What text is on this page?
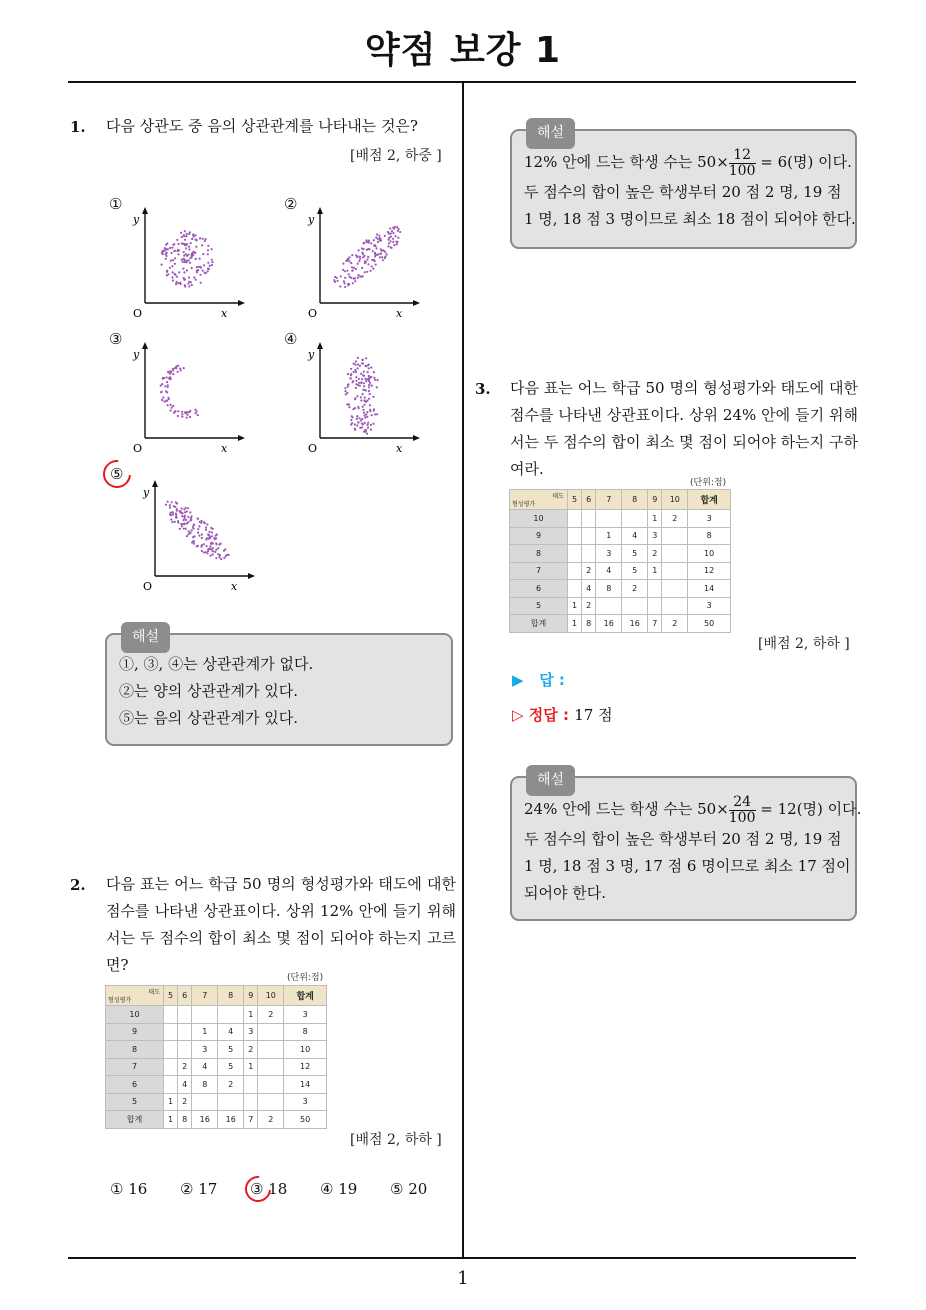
약점 보강 1
1
1. 다음 상관도 중 음의 상관관계를 나타내는 것은?
[배점 2, 하중 ]
①	②
③	④
⑤
y
x
O
y
x
O
y
x
O
y
x
O
y
x
O
해설

①, ③, ④는 상관관계가 없다.

②는 양의 상관관계가 있다.

⑤는 음의 상관관계가 있다.

2. 다음 표는 어느 학급 50 명의 형성평가와 태도에 대한 점수를 나타낸 상관표이다. 상위 12% 안에 들기 위해서는 두 점수의 합이 최소 몇 점이 되어야 하는지 고르면?
(단위:점)
태도
형성평가	5	6	7	8	9	10	합계
10					1	2	3
9			1	4	3		8
8			3	5	2		10
7		2	4	5	1		12
6		4	8	2			14
5	1	2					3
합계	1	8	16	16	7	2	50
[배점 2, 하하 ]
① 16 ② 17 ③ 18 ④ 19 ⑤ 20
해설

12% 안에 드는 학생 수는 $50\times \frac{12}{100} = 6$(명) 이다.

두 점수의 합이 높은 학생부터 20 점 2 명, 19 점

1 명, 18 점 3 명이므로 최소 18 점이 되어야 한다.

3. 다음 표는 어느 학급 50 명의 형성평가와 태도에 대한 점수를 나타낸 상관표이다. 상위 24% 안에 들기 위해서는 두 점수의 합이 최소 몇 점이 되어야 하는지 구하여라.
(단위:점)
태도
형성평가	5	6	7	8	9	10	합계
10					1	2	3
9			1	4	3		8
8			3	5	2		10
7		2	4	5	1		12
6		4	8	2			14
5	1	2					3
합계	1	8	16	16	7	2	50
[배점 2, 하하 ]
▶ 답 :
▷ 정답 : 17 점
해설

24% 안에 드는 학생 수는 $50\times \frac{24}{100} = 12$(명) 이다.

두 점수의 합이 높은 학생부터 20 점 2 명, 19 점

1 명, 18 점 3 명, 17 점 6 명이므로 최소 17 점이

되어야 한다.
